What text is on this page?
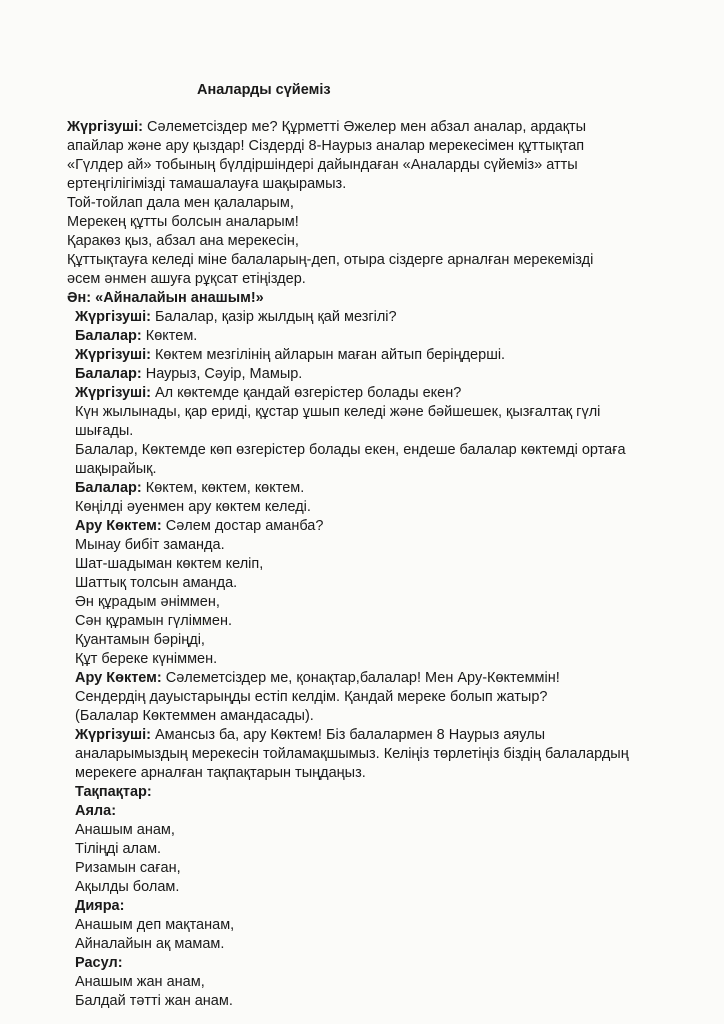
Аналарды сүйеміз
Жүргізуші: Сәлеметсіздер ме? Құрметті Әжелер мен абзал аналар, ардақты
апайлар және ару қыздар! Сіздерді 8-Наурыз аналар мерекесімен құттықтап
«Гүлдер ай» тобының бүлдіршіндері дайындаған «Аналарды сүйеміз» атты
ертеңгілігімізді тамашалауға шақырамыз.
Той-тойлап дала мен қалаларым,
Мерекең құтты болсын аналарым!
Қаракөз қыз, абзал ана мерекесін,
Құттықтауға келеді міне балаларың-деп, отыра сіздерге арналған мерекемізді
әсем әнмен ашуға рұқсат етіңіздер.
Ән: «Айналайын анашым!»
Жүргізуші: Балалар, қазір жылдың қай мезгілі?
Балалар: Көктем.
Жүргізуші: Көктем мезгілінің айларын маған айтып беріңдерші.
Балалар: Наурыз, Сәуір, Мамыр.
Жүргізуші: Ал көктемде қандай өзгерістер болады екен?
Күн жылынады, қар ериді, құстар ұшып келеді және бәйшешек, қызғалтақ гүлі
шығады.
Балалар, Көктемде көп өзгерістер болады екен, ендеше балалар көктемді ортаға
шақырайық.
Балалар: Көктем, көктем, көктем.
Көңілді әуенмен ару көктем келеді.
Ару Көктем: Сәлем достар аманба?
Мынау бибіт заманда.
Шат-шадыман көктем келіп,
Шаттық толсын аманда.
Ән құрадым әніммен,
Сән құрамын гүліммен.
Қуантамын бәріңді,
Құт береке күніммен.
Ару Көктем: Сәлеметсіздер ме, қонақтар,балалар! Мен Ару-Көктеммін!
Сендердің дауыстарыңды естіп келдім. Қандай мереке болып жатыр?
(Балалар Көктеммен амандасады).
Жүргізуші: Амансыз ба, ару Көктем! Біз балалармен 8 Наурыз аяулы
аналарымыздың мерекесін тойламақшымыз. Келіңіз төрлетіңіз біздің балалардың
мерекеге арналған тақпақтарын тыңдаңыз.
Тақпақтар:
Аяла:
Анашым анам,
Тіліңді алам.
Ризамын саған,
Ақылды болам.
Дияра:
Анашым деп мақтанам,
Айналайын ақ мамам.
Расул:
Анашым жан анам,
Балдай тәтті жан анам.
